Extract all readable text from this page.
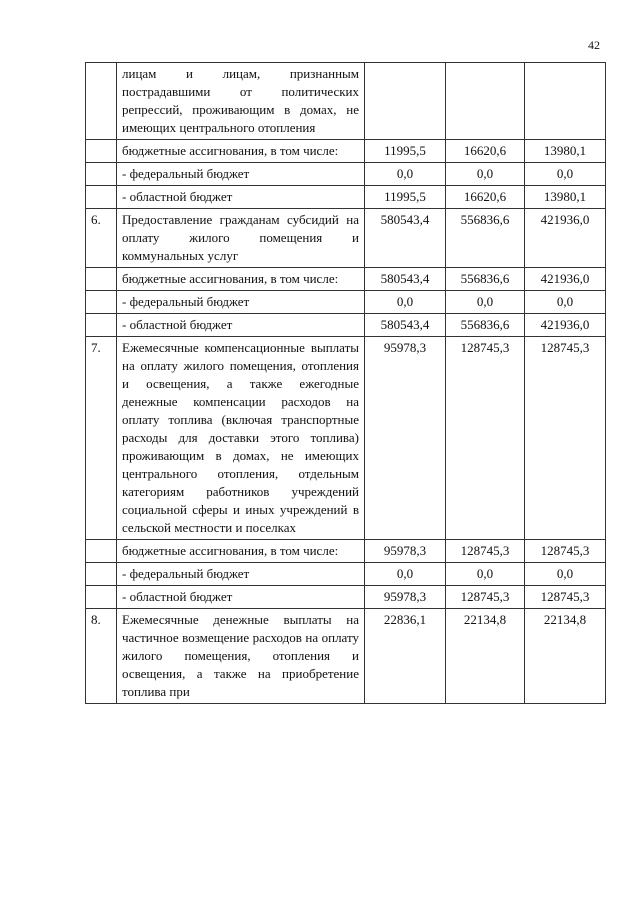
42
	лицам и лицам, признанным пострадавшими от политических репрессий, проживающим в домах, не имеющих центрального отопления			
	бюджетные ассигнования, в том числе:	11995,5	16620,6	13980,1
	- федеральный бюджет	0,0	0,0	0,0
	- областной бюджет	11995,5	16620,6	13980,1
6.	Предоставление гражданам субсидий на оплату жилого помещения и коммунальных услуг	580543,4	556836,6	421936,0
	бюджетные ассигнования, в том числе:	580543,4	556836,6	421936,0
	- федеральный бюджет	0,0	0,0	0,0
	- областной бюджет	580543,4	556836,6	421936,0
7.	Ежемесячные компенсационные выплаты на оплату жилого помещения, отопления и освещения, а также ежегодные денежные компенсации расходов на оплату топлива (включая транспортные расходы для доставки этого топлива) проживающим в домах, не имеющих центрального отопления, отдельным категориям работников учреждений социальной сферы и иных учреждений в сельской местности и поселках	95978,3	128745,3	128745,3
	бюджетные ассигнования, в том числе:	95978,3	128745,3	128745,3
	- федеральный бюджет	0,0	0,0	0,0
	- областной бюджет	95978,3	128745,3	128745,3
8.	Ежемесячные денежные выплаты на частичное возмещение расходов на оплату жилого помещения, отопления и освещения, а также на приобретение топлива при	22836,1	22134,8	22134,8
